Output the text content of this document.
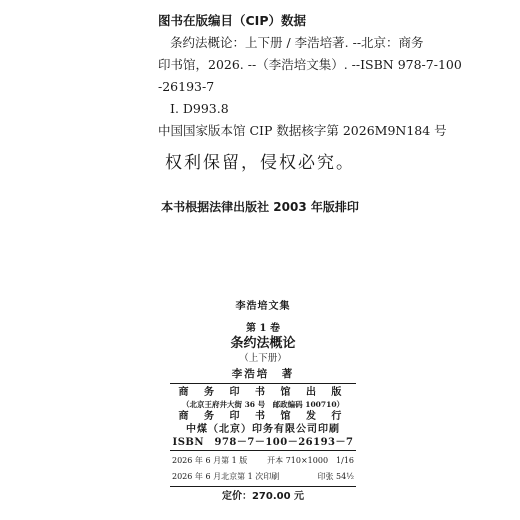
图书在版编目（CIP）数据
条约法概论：上下册 / 李浩培著. --北京：商务
印书馆，2026. --（李浩培文集）. --ISBN 978-7-100
-26193-7
Ⅰ. D993.8
中国国家版本馆 CIP 数据核字第 2026M9N184 号
权利保留，侵权必究。
本书根据法律出版社 2003 年版排印
李浩培文集
第 1 卷
条约法概论
（上下册）
李浩培　著
商 务 印 书 馆 出 版
（北京王府井大街 36 号　邮政编码 100710）
商 务 印 书 馆 发 行
中煤（北京）印务有限公司印刷
ISBN　978－7－100－26193－7
2026 年 6 月第 1 版 开本 710×1000　1/16
2026 年 6 月北京第 1 次印刷	印张 54½
定价：270.00 元
